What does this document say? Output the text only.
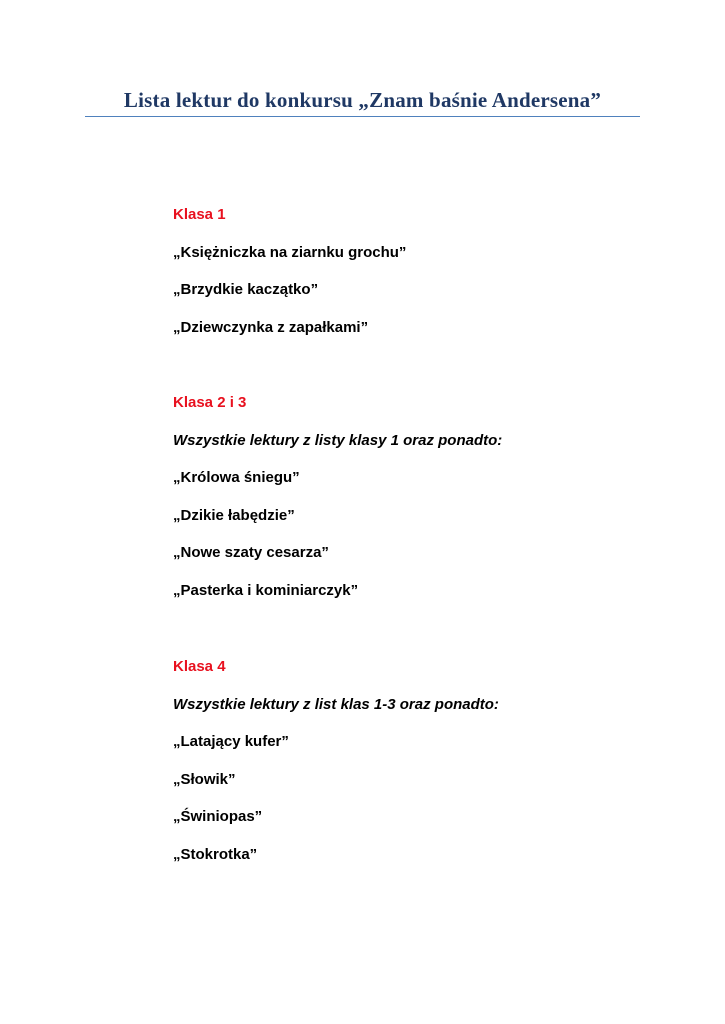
Lista lektur do konkursu „Znam baśnie Andersena”
Klasa 1
„Księżniczka na ziarnku grochu”
„Brzydkie kaczątko”
„Dziewczynka z zapałkami”
Klasa 2 i 3
Wszystkie lektury z listy klasy 1 oraz ponadto:
„Królowa śniegu”
„Dzikie łabędzie”
„Nowe szaty cesarza”
„Pasterka i kominiarczyk”
Klasa 4
Wszystkie lektury z list klas 1-3 oraz ponadto:
„Latający kufer”
„Słowik”
„Świniopas”
„Stokrotka”
